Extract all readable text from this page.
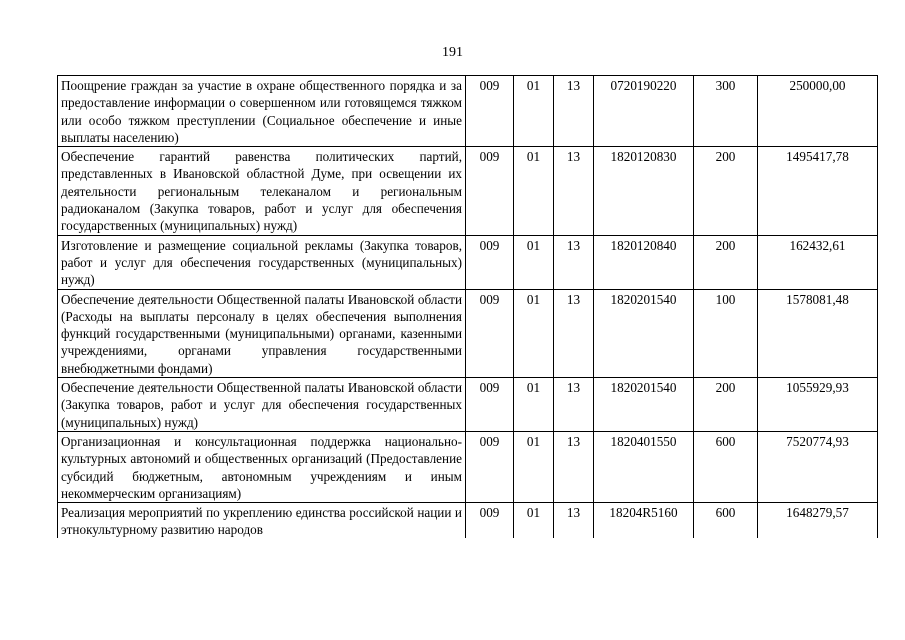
191
Поощрение граждан за участие в охране общественного порядка и за предоставление информации о совершенном или готовящемся тяжком или особо тяжком преступлении (Социальное обеспечение и иные выплаты населению)	009	01	13	0720190220	300	250000,00
Обеспечение гарантий равенства политических партий, представленных в Ивановской областной Думе, при освещении их деятельности региональным телеканалом и региональным радиоканалом (Закупка товаров, работ и услуг для обеспечения государственных (муниципальных) нужд)	009	01	13	1820120830	200	1495417,78
Изготовление и размещение социальной рекламы (Закупка товаров, работ и услуг для обеспечения государственных (муниципальных) нужд)	009	01	13	1820120840	200	162432,61
Обеспечение деятельности Общественной палаты Ивановской области (Расходы на выплаты персоналу в целях обеспечения выполнения функций государственными (муниципальными) органами, казенными учреждениями, органами управления государственными внебюджетными фондами)	009	01	13	1820201540	100	1578081,48
Обеспечение деятельности Общественной палаты Ивановской области (Закупка товаров, работ и услуг для обеспечения государственных (муниципальных) нужд)	009	01	13	1820201540	200	1055929,93
Организационная и консультационная поддержка национально-культурных автономий и общественных организаций (Предоставление субсидий бюджетным, автономным учреждениям и иным некоммерческим организациям)	009	01	13	1820401550	600	7520774,93

Реализация мероприятий по укреплению единства российской нации и этнокультурному развитию народов	009	01	13	18204R5160	600	1648279,57
